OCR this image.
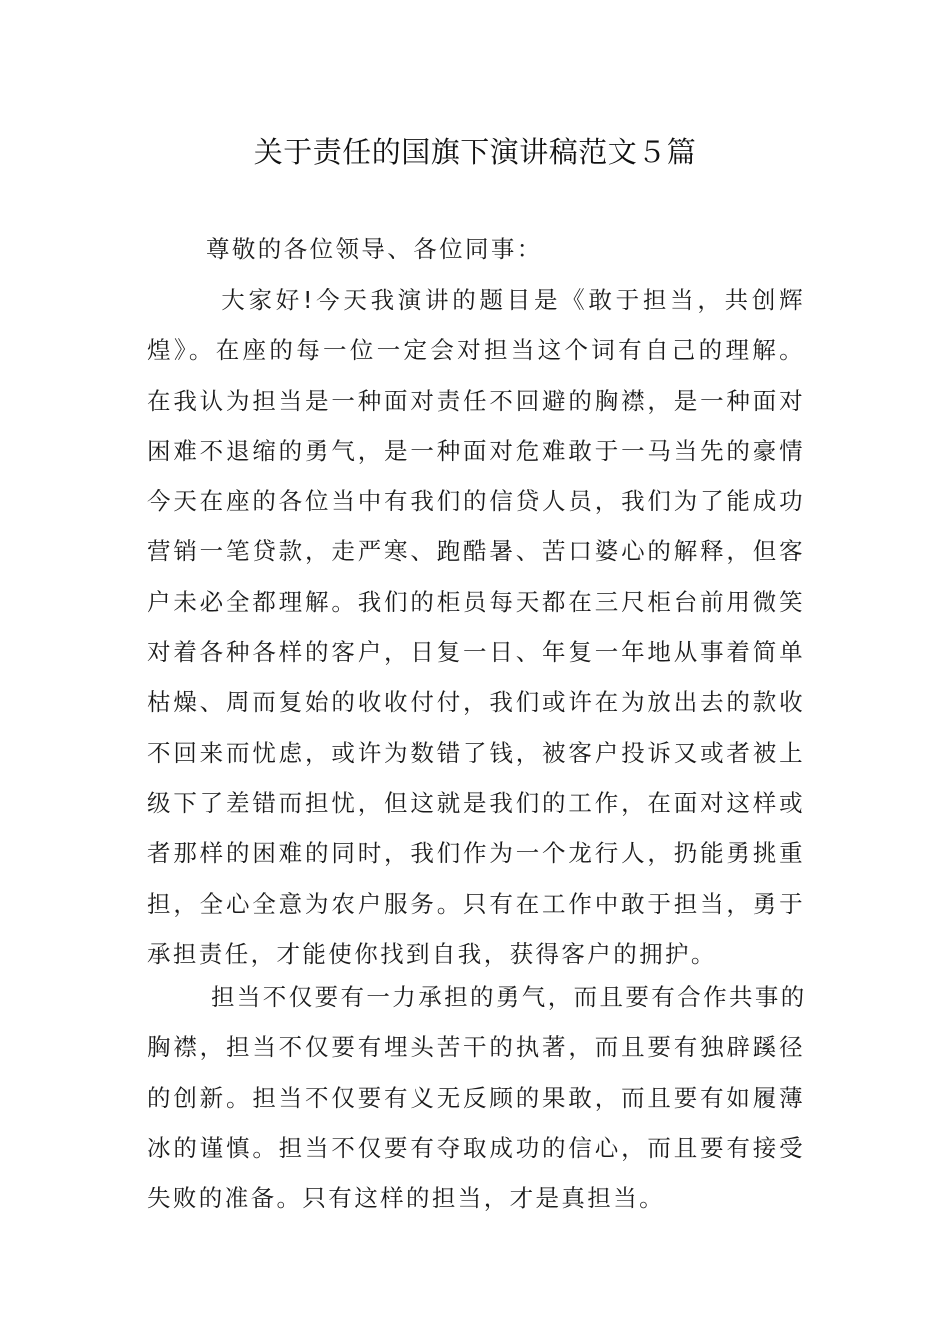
关于责任的国旗下演讲稿范文５篇

尊敬的各位领导、各位同事：

　大家好!今天我演讲的题目是《敢于担当，共创辉
煌》。在座的每一位一定会对担当这个词有自己的理解。
在我认为担当是一种面对责任不回避的胸襟，是一种面对
困难不退缩的勇气，是一种面对危难敢于一马当先的豪情
今天在座的各位当中有我们的信贷人员，我们为了能成功
营销一笔贷款，走严寒、跑酷暑、苦口婆心的解释，但客
户未必全都理解。我们的柜员每天都在三尺柜台前用微笑
对着各种各样的客户，日复一日、年复一年地从事着简单
枯燥、周而复始的收收付付，我们或许在为放出去的款收
不回来而忧虑，或许为数错了钱，被客户投诉又或者被上
级下了差错而担忧，但这就是我们的工作，在面对这样或
者那样的困难的同时，我们作为一个龙行人，扔能勇挑重
担，全心全意为农户服务。只有在工作中敢于担当，勇于
承担责任，才能使你找到自我，获得客户的拥护。
担当不仅要有一力承担的勇气，而且要有合作共事的
胸襟，担当不仅要有埋头苦干的执著，而且要有独辟蹊径
的创新。担当不仅要有义无反顾的果敢，而且要有如履薄
冰的谨慎。担当不仅要有夺取成功的信心，而且要有接受
失败的准备。只有这样的担当，才是真担当。
